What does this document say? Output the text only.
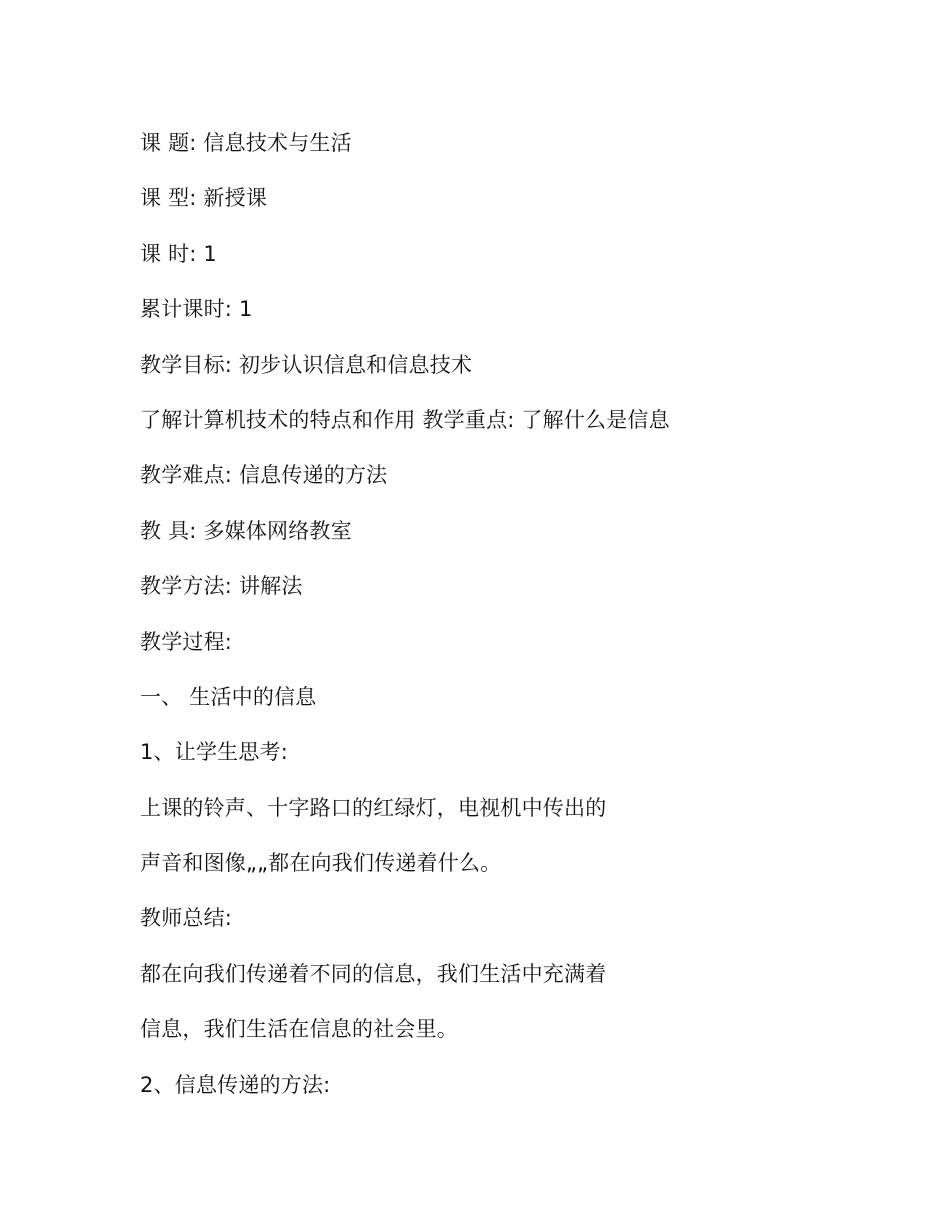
课 题: 信息技术与生活
课 型: 新授课
课 时: 1
累计课时: 1
教学目标: 初步认识信息和信息技术
了解计算机技术的特点和作用 教学重点: 了解什么是信息
教学难点: 信息传递的方法
教 具: 多媒体网络教室
教学方法: 讲解法
教学过程:
一、 生活中的信息
1、让学生思考:
上课的铃声、十字路口的红绿灯，电视机中传出的
声音和图像„„都在向我们传递着什么。
教师总结:
都在向我们传递着不同的信息，我们生活中充满着
信息，我们生活在信息的社会里。
2、信息传递的方法:
